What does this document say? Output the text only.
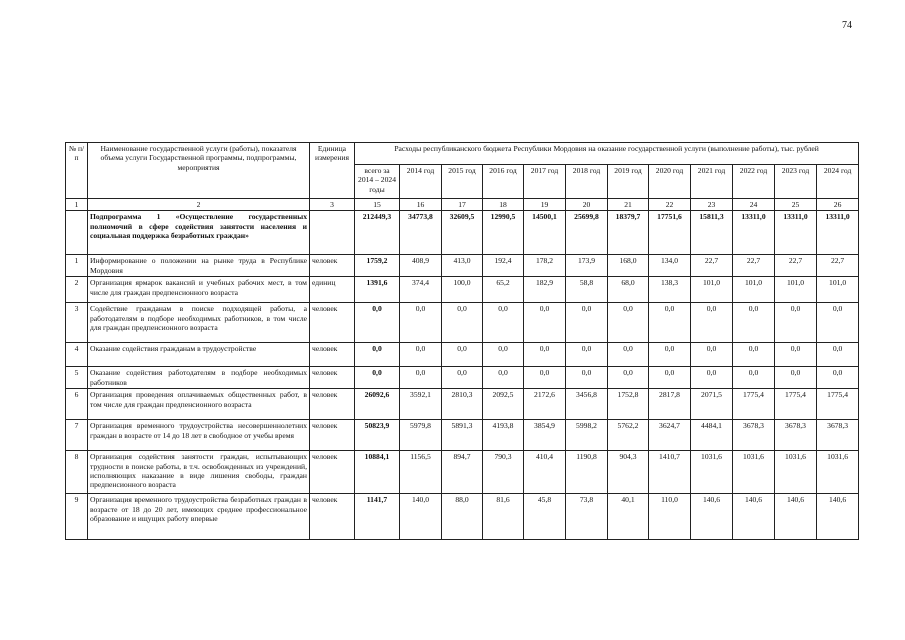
74
№ п/п	Наименование государственной услуги (работы), показателя объема услуги Государственной программы, подпрограммы, мероприятия	Единица измерения	Расходы республиканского бюджета Республики Мордовия на оказание государственной услуги (выполнение работы), тыс. рублей											
			всего за 2014 – 2024 годы	2014 год	2015 год	2016 год	2017 год	2018 год	2019 год	2020 год	2021 год	2022 год	2023 год	2024 год
1	2	3	15	16	17	18	19	20	21	22	23	24	25	26
	Подпрограмма 1 «Осуществление государственных полномочий в сфере содействия занятости населения и социальная поддержка безработных граждан»		212449,3	34773,8	32609,5	12990,5	14500,1	25699,8	18379,7	17751,6	15811,3	13311,0	13311,0	13311,0
1	Информирование о положении на рынке труда в Республике Мордовия	человек	1759,2	408,9	413,0	192,4	178,2	173,9	168,0	134,0	22,7	22,7	22,7	22,7
2	Организация ярмарок вакансий и учебных рабочих мест, в том числе для граждан предпенсионного возраста	единиц	1391,6	374,4	100,0	65,2	182,9	58,8	68,0	138,3	101,0	101,0	101,0	101,0
3	Содействие гражданам в поиске подходящей работы, а работодателям в подборе необходимых работников, в том числе для граждан предпенсионного возраста	человек	0,0	0,0	0,0	0,0	0,0	0,0	0,0	0,0	0,0	0,0	0,0	0,0
4	Оказание содействия гражданам в трудоустройстве	человек	0,0	0,0	0,0	0,0	0,0	0,0	0,0	0,0	0,0	0,0	0,0	0,0
5	Оказание содействия работодателям в подборе необходимых работников	человек	0,0	0,0	0,0	0,0	0,0	0,0	0,0	0,0	0,0	0,0	0,0	0,0
6	Организация проведения оплачиваемых общественных работ, в том числе для граждан предпенсионного возраста	человек	26092,6	3592,1	2810,3	2092,5	2172,6	3456,8	1752,8	2817,8	2071,5	1775,4	1775,4	1775,4
7	Организация временного трудоустройства несовершеннолетних граждан в возрасте от 14 до 18 лет в свободное от учебы время	человек	50823,9	5979,8	5891,3	4193,8	3854,9	5998,2	5762,2	3624,7	4484,1	3678,3	3678,3	3678,3
8	Организация содействия занятости граждан, испытывающих трудности в поиске работы, в т.ч. освобожденных из учреждений, исполняющих наказание в виде лишения свободы, граждан предпенсионного возраста	человек	10884,1	1156,5	894,7	790,3	410,4	1190,8	904,3	1410,7	1031,6	1031,6	1031,6	1031,6
9	Организация временного трудоустройства безработных граждан в возрасте от 18 до 20 лет, имеющих среднее профессиональное образование и ищущих работу впервые	человек	1141,7	140,0	88,0	81,6	45,8	73,8	40,1	110,0	140,6	140,6	140,6	140,6
